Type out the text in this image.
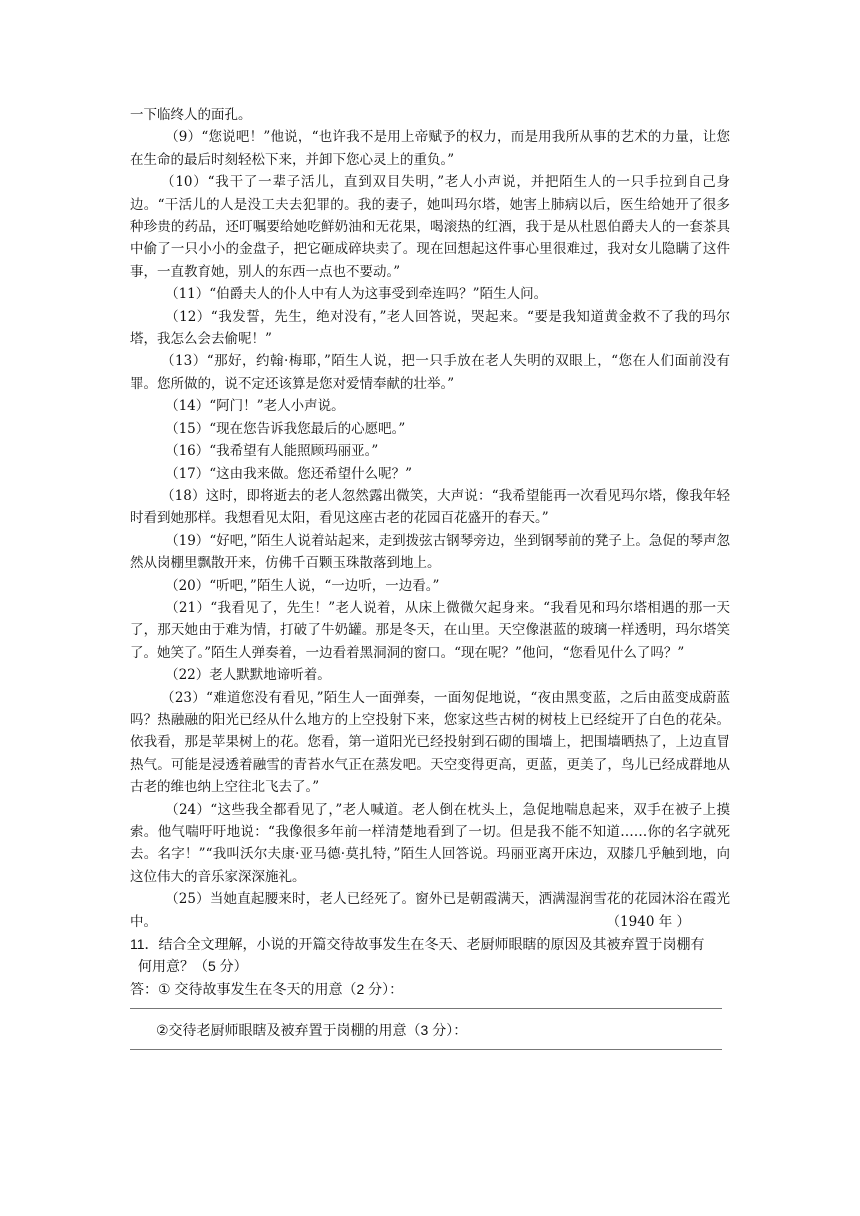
一下临终人的面孔。

（9）“您说吧！”他说，“也许我不是用上帝赋予的权力，而是用我所从事的艺术的力量，让您在生命的最后时刻轻松下来，并卸下您心灵上的重负。”

（10）“我干了一辈子活儿，直到双目失明，”老人小声说，并把陌生人的一只手拉到自己身边。“干活儿的人是没工夫去犯罪的。我的妻子，她叫玛尔塔，她害上肺病以后，医生给她开了很多种珍贵的药品，还叮嘱要给她吃鲜奶油和无花果，喝滚热的红酒，我于是从杜恩伯爵夫人的一套茶具中偷了一只小小的金盘子，把它砸成碎块卖了。现在回想起这件事心里很难过，我对女儿隐瞒了这件事，一直教育她，别人的东西一点也不要动。”

（11）“伯爵夫人的仆人中有人为这事受到牵连吗？”陌生人问。

（12）“我发誓，先生，绝对没有，”老人回答说，哭起来。“要是我知道黄金救不了我的玛尔塔，我怎么会去偷呢！”

（13）“那好，约翰·梅耶，”陌生人说，把一只手放在老人失明的双眼上，“您在人们面前没有罪。您所做的，说不定还该算是您对爱情奉献的壮举。”

（14）“阿门！”老人小声说。

（15）“现在您告诉我您最后的心愿吧。”

（16）“我希望有人能照顾玛丽亚。”

（17）“这由我来做。您还希望什么呢？”

（18）这时，即将逝去的老人忽然露出微笑，大声说：“我希望能再一次看见玛尔塔，像我年轻时看到她那样。我想看见太阳，看见这座古老的花园百花盛开的春天。”

（19）“好吧，”陌生人说着站起来，走到拨弦古钢琴旁边，坐到钢琴前的凳子上。急促的琴声忽然从岗棚里飘散开来，仿佛千百颗玉珠散落到地上。

（20）“听吧，”陌生人说，“一边听，一边看。”

（21）“我看见了，先生！”老人说着，从床上微微欠起身来。“我看见和玛尔塔相遇的那一天了，那天她由于难为情，打破了牛奶罐。那是冬天，在山里。天空像湛蓝的玻璃一样透明，玛尔塔笑了。她笑了。”陌生人弹奏着，一边看着黑洞洞的窗口。“现在呢？”他问，“您看见什么了吗？”

（22）老人默默地谛听着。

（23）“难道您没有看见，”陌生人一面弹奏，一面匆促地说，“夜由黑变蓝，之后由蓝变成蔚蓝吗？热融融的阳光已经从什么地方的上空投射下来，您家这些古树的树枝上已经绽开了白色的花朵。依我看，那是苹果树上的花。您看，第一道阳光已经投射到石砌的围墙上，把围墙晒热了，上边直冒热气。可能是浸透着融雪的青苔水气正在蒸发吧。天空变得更高，更蓝，更美了，鸟儿已经成群地从古老的维也纳上空往北飞去了。”

（24）“这些我全都看见了，”老人喊道。老人倒在枕头上，急促地喘息起来，双手在被子上摸索。他气喘吁吁地说：“我像很多年前一样清楚地看到了一切。但是我不能不知道……你的名字就死去。名字！”“我叫沃尔夫康·亚马德·莫扎特，”陌生人回答说。玛丽亚离开床边，双膝几乎触到地，向这位伟大的音乐家深深施礼。

（25）当她直起腰来时，老人已经死了。窗外已是朝霞满天，洒满湿润雪花的花园沐浴在霞光中。	（1940 年 ）

11．结合全文理解，小说的开篇交待故事发生在冬天、老厨师眼瞎的原因及其被弃置于岗棚有

何用意？（5 分）

答：① 交待故事发生在冬天的用意（2 分）：

②交待老厨师眼瞎及被弃置于岗棚的用意（3 分）：
